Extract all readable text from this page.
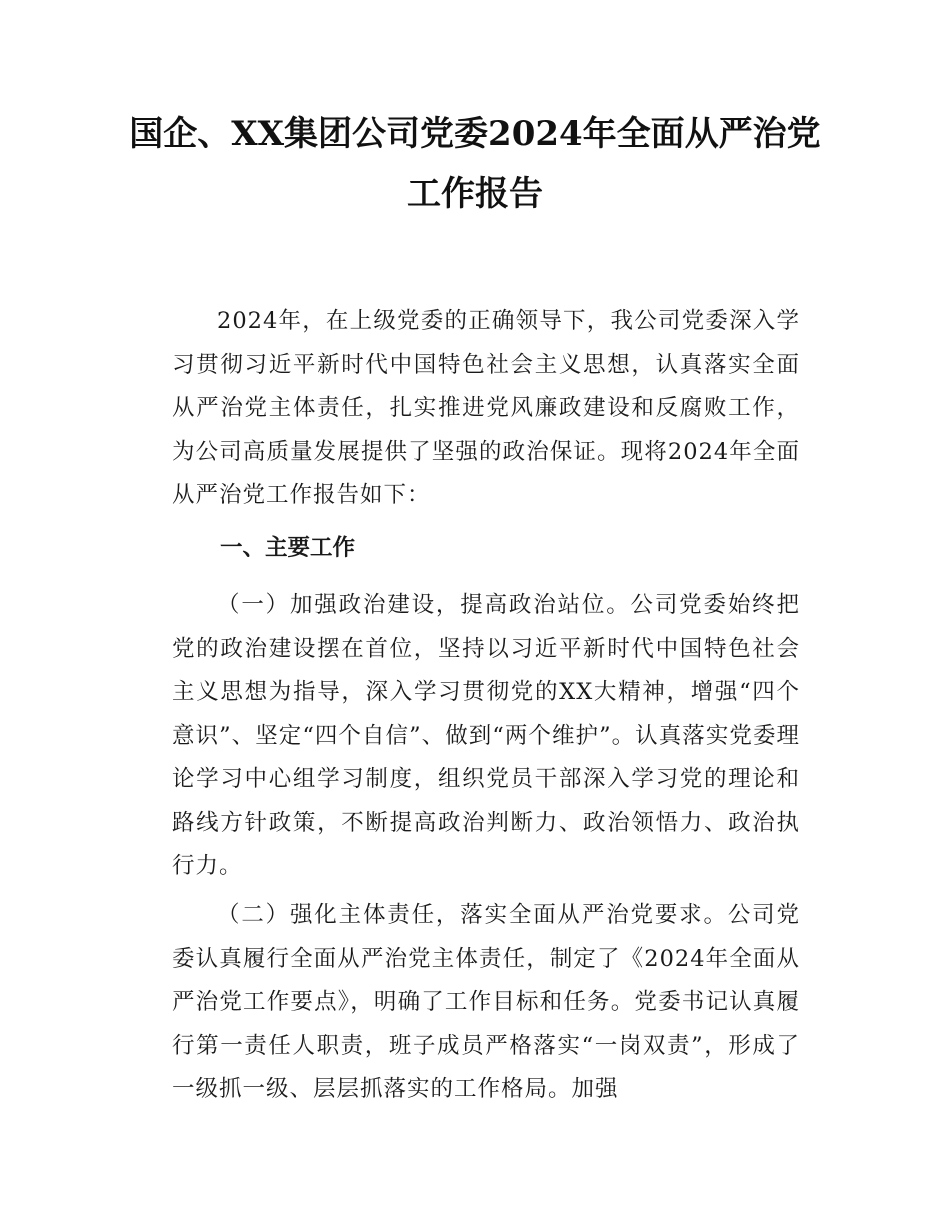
国企、XX集团公司党委2024年全面从严治党
工作报告

2024年，在上级党委的正确领导下，我公司党委深入学习贯彻习近平新时代中国特色社会主义思想，认真落实全面从严治党主体责任，扎实推进党风廉政建设和反腐败工作，为公司高质量发展提供了坚强的政治保证。现将2024年全面从严治党工作报告如下：

一、主要工作

（一）加强政治建设，提高政治站位。公司党委始终把党的政治建设摆在首位，坚持以习近平新时代中国特色社会主义思想为指导，深入学习贯彻党的XX大精神，增强“四个意识”、坚定“四个自信”、做到“两个维护”。认真落实党委理论学习中心组学习制度，组织党员干部深入学习党的理论和路线方针政策，不断提高政治判断力、政治领悟力、政治执行力。

（二）强化主体责任，落实全面从严治党要求。公司党委认真履行全面从严治党主体责任，制定了《2024年全面从严治党工作要点》，明确了工作目标和任务。党委书记认真履行第一责任人职责，班子成员严格落实“一岗双责”，形成了一级抓一级、层层抓落实的工作格局。加强
